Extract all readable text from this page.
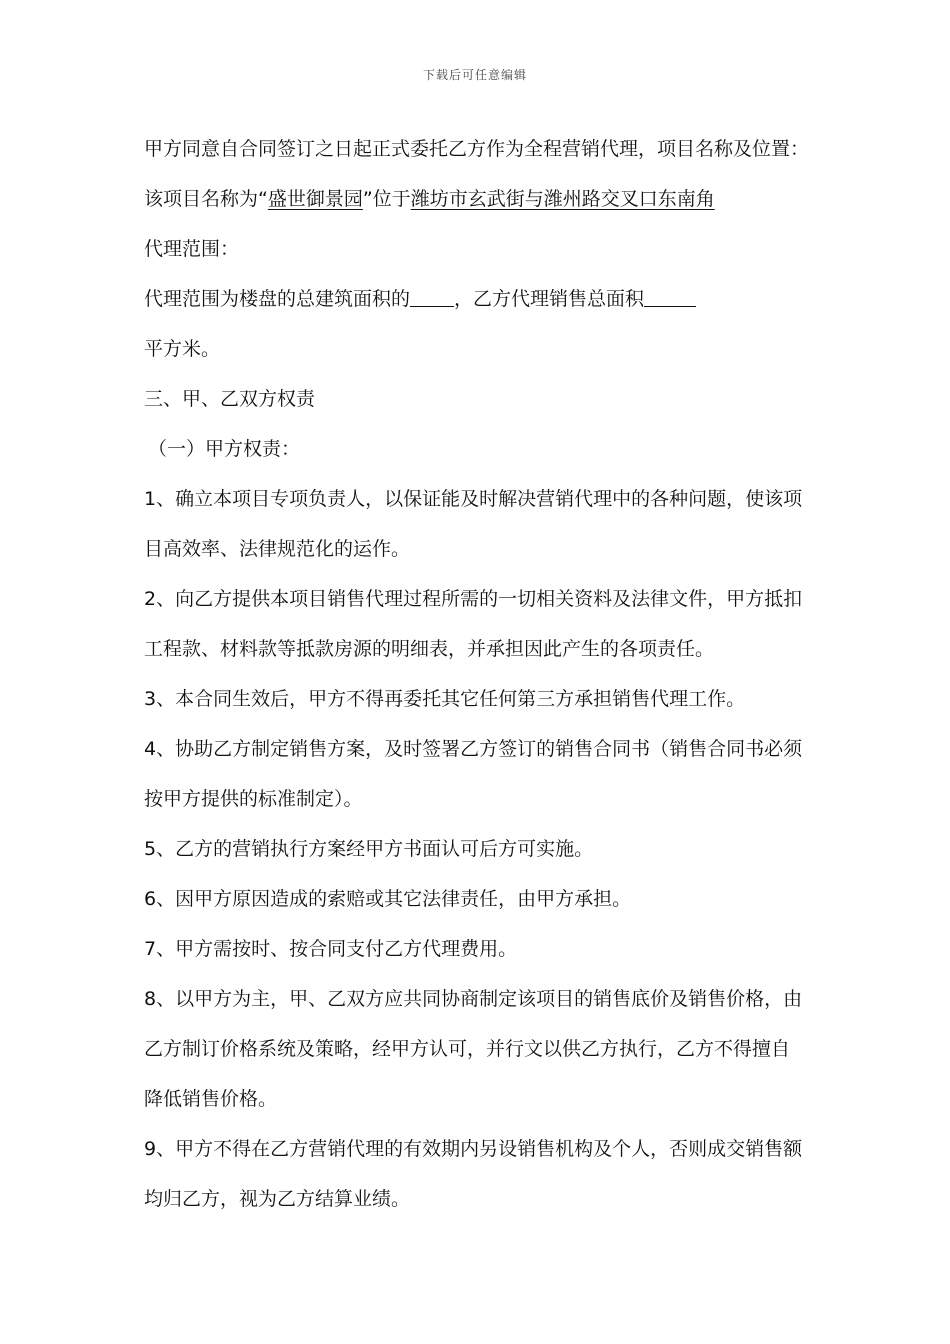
下载后可任意编辑
甲方同意自合同签订之日起正式委托乙方作为全程营销代理，项目名称及位置：
该项目名称为“盛世御景园”位于潍坊市玄武街与潍州路交叉口东南角
代理范围：
代理范围为楼盘的总建筑面积的 ，乙方代理销售总面积
平方米。
三、甲、乙双方权责
（一）甲方权责：
1、确立本项目专项负责人，以保证能及时解决营销代理中的各种问题，使该项
目高效率、法律规范化的运作。
2、向乙方提供本项目销售代理过程所需的一切相关资料及法律文件，甲方抵扣
工程款、材料款等抵款房源的明细表，并承担因此产生的各项责任。
3、本合同生效后，甲方不得再委托其它任何第三方承担销售代理工作。
4、协助乙方制定销售方案，及时签署乙方签订的销售合同书（销售合同书必须
按甲方提供的标准制定）。
5、乙方的营销执行方案经甲方书面认可后方可实施。
6、因甲方原因造成的索赔或其它法律责任，由甲方承担。
7、甲方需按时、按合同支付乙方代理费用。
8、以甲方为主，甲、乙双方应共同协商制定该项目的销售底价及销售价格，由
乙方制订价格系统及策略，经甲方认可，并行文以供乙方执行，乙方不得擅自
降低销售价格。
9、甲方不得在乙方营销代理的有效期内另设销售机构及个人，否则成交销售额
均归乙方，视为乙方结算业绩。
